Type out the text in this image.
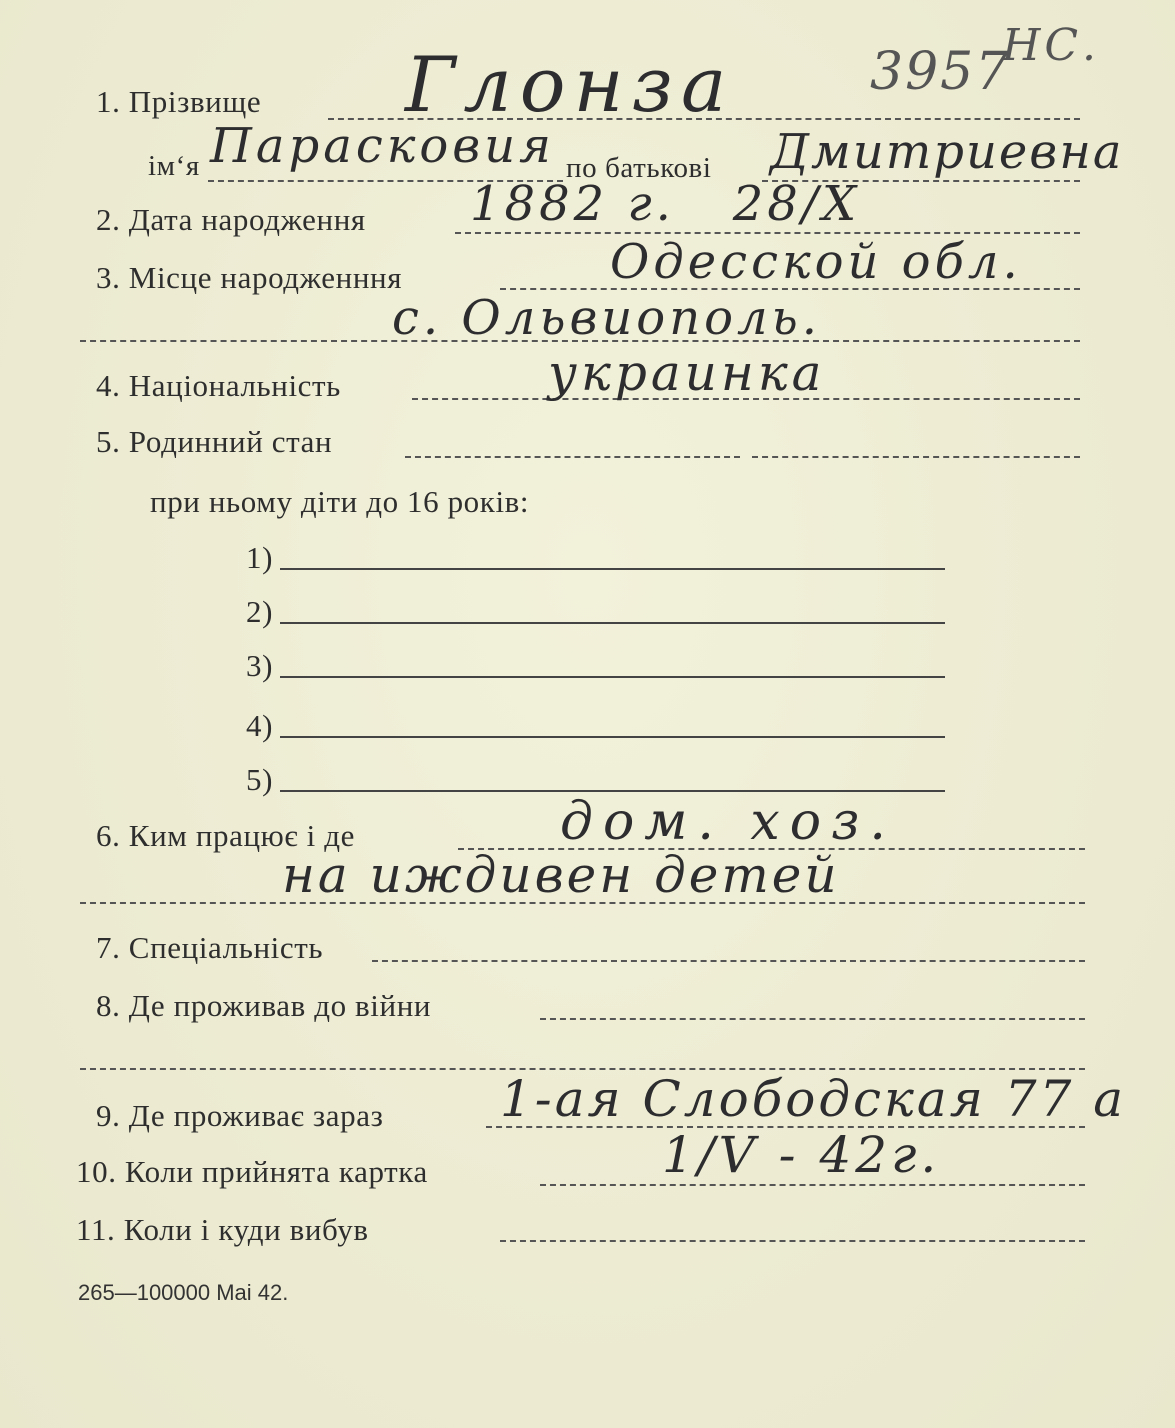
3957
НС.
1. Прізвище Глонза
ім‘я Парасковия по батькові Дмитриевна
2. Дата народження 1882 г.   28/Х
3. Місце народженння	Одесской обл.
с. Ольвиополь.
4. Національність	украинка
5. Родинний стан
при ньому діти до 16 років:
1)
2)
3)
4)
5)
6. Ким працює і де	дом. хоз.
на иждивен детей
7. Спеціальність
8. Де проживав до війни
9. Де проживає зараз 1-ая Слободская 77 а
10. Коли прийнята картка	1/V - 42г.
11. Коли і куди вибув
265—100000 Mai 42.
